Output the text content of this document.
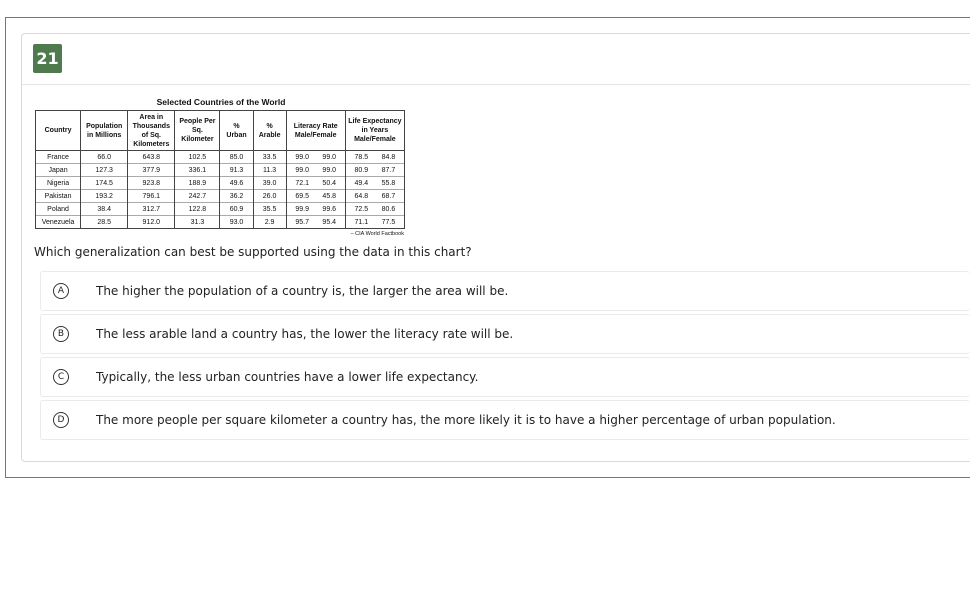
21
Selected Countries of the World
Country	Population in Millions	Area in Thousands of Sq. Kilometers	People Per Sq. Kilometer	% Urban	% Arable	Literacy Rate Male/Female	Life Expectancy in Years Male/Female
France	66.0	643.8	102.5	85.0	33.5	99.0 99.0	78.5 84.8

Japan	127.3	377.9	336.1	91.3	11.3	99.0 99.0	80.9 87.7

Nigeria	174.5	923.8	188.9	49.6	39.0	72.1 50.4	49.4 55.8

Pakistan	193.2	796.1	242.7	36.2	26.0	69.5 45.8	64.8 68.7

Poland	38.4	312.7	122.8	60.9	35.5	99.9 99.6	72.5 80.6

Venezuela	28.5	912.0	31.3	93.0	2.9	95.7 95.4	71.1 77.5
– CIA World Factbook
Which generalization can best be supported using the data in this chart?
A	The higher the population of a country is, the larger the area will be.
B	The less arable land a country has, the lower the literacy rate will be.
C	Typically, the less urban countries have a lower life expectancy.
D	The more people per square kilometer a country has, the more likely it is to have a higher percentage of urban population.
